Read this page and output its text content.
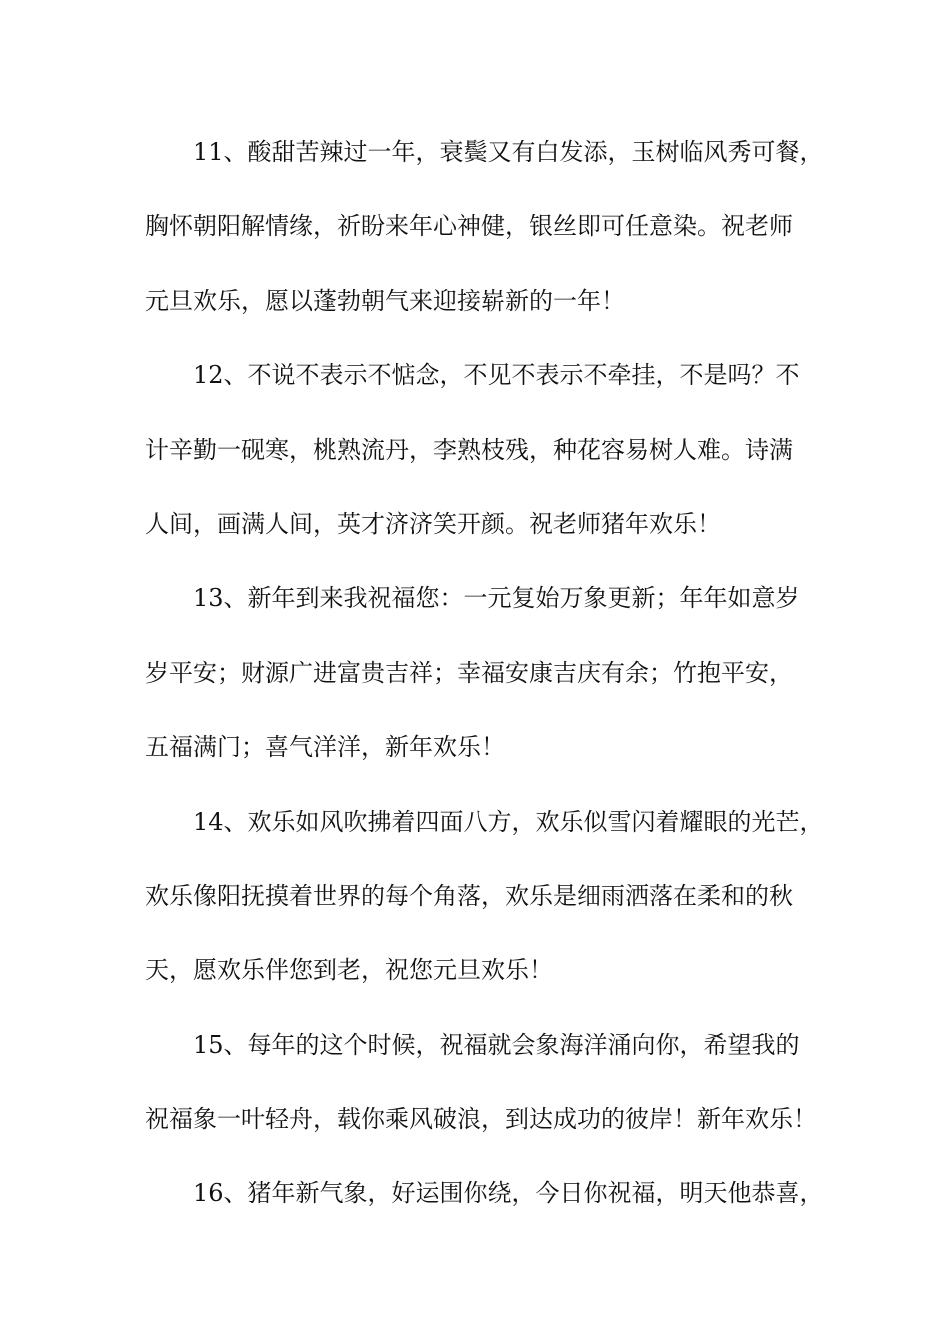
11、酸甜苦辣过一年，衰鬓又有白发添，玉树临风秀可餐，
胸怀朝阳解情缘，祈盼来年心神健，银丝即可任意染。祝老师
元旦欢乐，愿以蓬勃朝气来迎接崭新的一年！
12、不说不表示不惦念，不见不表示不牵挂，不是吗？不
计辛勤一砚寒，桃熟流丹，李熟枝残，种花容易树人难。诗满
人间，画满人间，英才济济笑开颜。祝老师猪年欢乐！
13、新年到来我祝福您：一元复始万象更新；年年如意岁
岁平安；财源广进富贵吉祥；幸福安康吉庆有余；竹抱平安，
五福满门；喜气洋洋，新年欢乐！
14、欢乐如风吹拂着四面八方，欢乐似雪闪着耀眼的光芒，
欢乐像阳抚摸着世界的每个角落，欢乐是细雨洒落在柔和的秋
天，愿欢乐伴您到老，祝您元旦欢乐！
15、每年的这个时候，祝福就会象海洋涌向你，希望我的
祝福象一叶轻舟，载你乘风破浪，到达成功的彼岸！新年欢乐！
16、猪年新气象，好运围你绕，今日你祝福，明天他恭喜，
